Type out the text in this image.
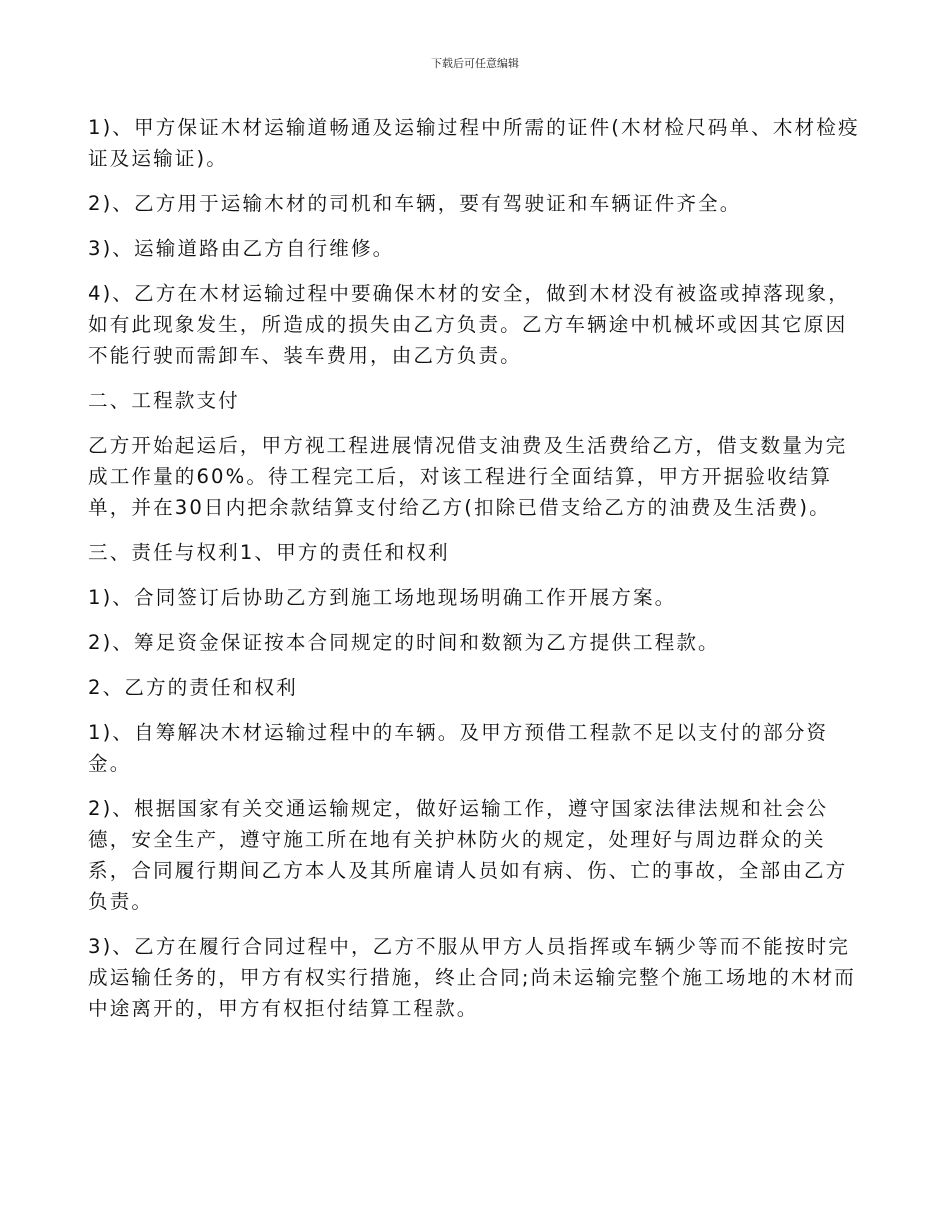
下载后可任意编辑
1)、甲方保证木材运输道畅通及运输过程中所需的证件(木材检尺码单、木材检疫
证及运输证)。
2)、乙方用于运输木材的司机和车辆，要有驾驶证和车辆证件齐全。
3)、运输道路由乙方自行维修。
4)、乙方在木材运输过程中要确保木材的安全，做到木材没有被盗或掉落现象，
如有此现象发生，所造成的损失由乙方负责。乙方车辆途中机械坏或因其它原因
不能行驶而需卸车、装车费用，由乙方负责。
二、工程款支付
乙方开始起运后，甲方视工程进展情况借支油费及生活费给乙方，借支数量为完
成工作量的60%。待工程完工后，对该工程进行全面结算，甲方开据验收结算
单，并在30日内把余款结算支付给乙方(扣除已借支给乙方的油费及生活费)。
三、责任与权利1、甲方的责任和权利
1)、合同签订后协助乙方到施工场地现场明确工作开展方案。
2)、筹足资金保证按本合同规定的时间和数额为乙方提供工程款。
2、乙方的责任和权利
1)、自筹解决木材运输过程中的车辆。及甲方预借工程款不足以支付的部分资
金。
2)、根据国家有关交通运输规定，做好运输工作，遵守国家法律法规和社会公
德，安全生产，遵守施工所在地有关护林防火的规定，处理好与周边群众的关
系，合同履行期间乙方本人及其所雇请人员如有病、伤、亡的事故，全部由乙方
负责。
3)、乙方在履行合同过程中，乙方不服从甲方人员指挥或车辆少等而不能按时完
成运输任务的，甲方有权实行措施，终止合同;尚未运输完整个施工场地的木材而
中途离开的，甲方有权拒付结算工程款。
